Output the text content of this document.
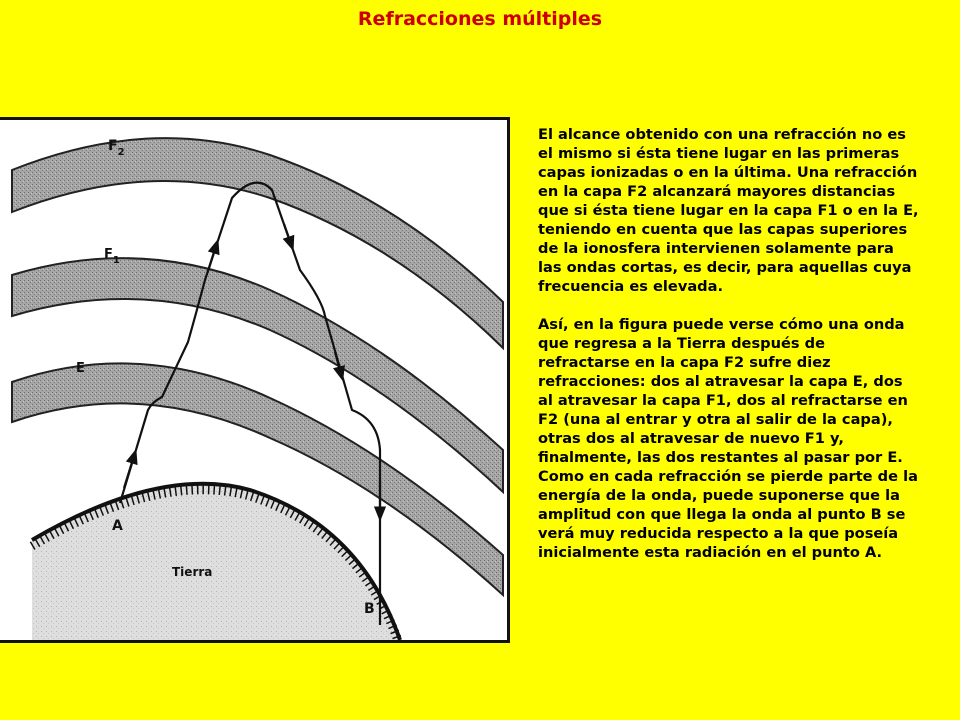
Refracciones múltiples
$F_2$
$F_1$
E
Tierra
A
B

El alcance obtenido con una refracción no es
el mismo si ésta tiene lugar en las primeras
capas ionizadas o en la última. Una refracción
en la capa F2 alcanzará mayores distancias
que si ésta tiene lugar en la capa F1 o en la E,
teniendo en cuenta que las capas superiores
de la ionosfera intervienen solamente para
las ondas cortas, es decir, para aquellas cuya
frecuencia es elevada.

Así, en la figura puede verse cómo una onda
que regresa a la Tierra después de
refractarse en la capa F2 sufre diez
refracciones: dos al atravesar la capa E, dos
al atravesar la capa F1, dos al refractarse en
F2 (una al entrar y otra al salir de la capa),
otras dos al atravesar de nuevo F1 y,
finalmente, las dos restantes al pasar por E.
Como en cada refracción se pierde parte de la
energía de la onda, puede suponerse que la
amplitud con que llega la onda al punto B se
verá muy reducida respecto a la que poseía
inicialmente esta radiación en el punto A.
